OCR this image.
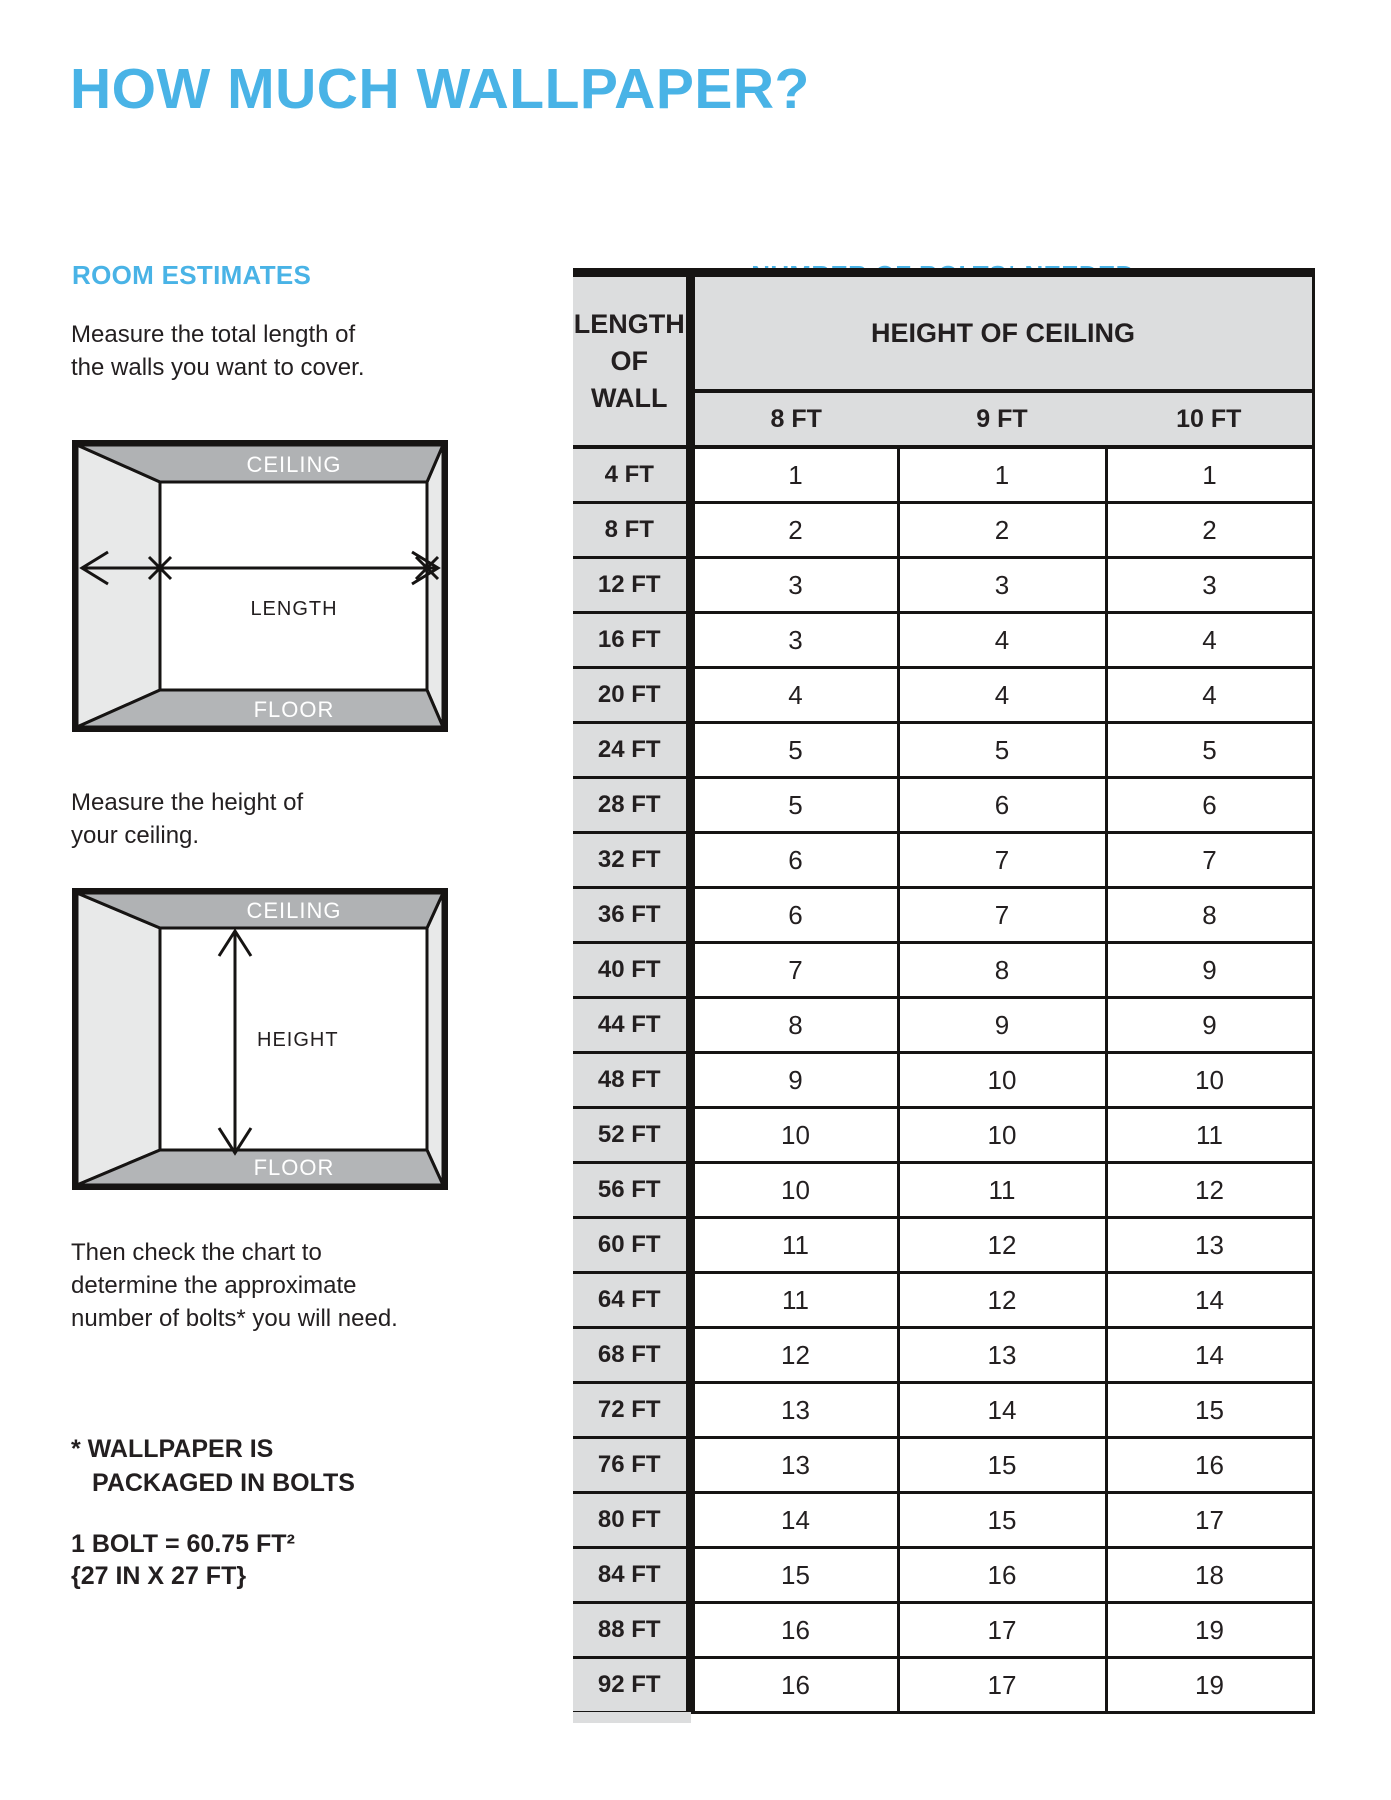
HOW MUCH WALLPAPER?
ROOM ESTIMATES
Measure the total length of
the walls you want to cover.
CEILING
FLOOR
LENGTH
Measure the height of
your ceiling.
CEILING
FLOOR
HEIGHT
Then check the chart to
determine the approximate
number of bolts* you will need.
* WALLPAPER IS
PACKAGED IN BOLTS
1 BOLT = 60.75 FT²
{27 IN X 27 FT}
LENGTH
OF WALL	HEIGHT OF CEILING		
	8 FT	9 FT	10 FT
4 FT	1	1	1
8 FT	2	2	2
12 FT	3	3	3
16 FT	3	4	4
20 FT	4	4	4
24 FT	5	5	5
28 FT	5	6	6
32 FT	6	7	7
36 FT	6	7	8
40 FT	7	8	9
44 FT	8	9	9
48 FT	9	10	10
52 FT	10	10	11
56 FT	10	11	12
60 FT	11	12	13
64 FT	11	12	14
68 FT	12	13	14
72 FT	13	14	15
76 FT	13	15	16
80 FT	14	15	17
84 FT	15	16	18
88 FT	16	17	19
92 FT	16	17	19
